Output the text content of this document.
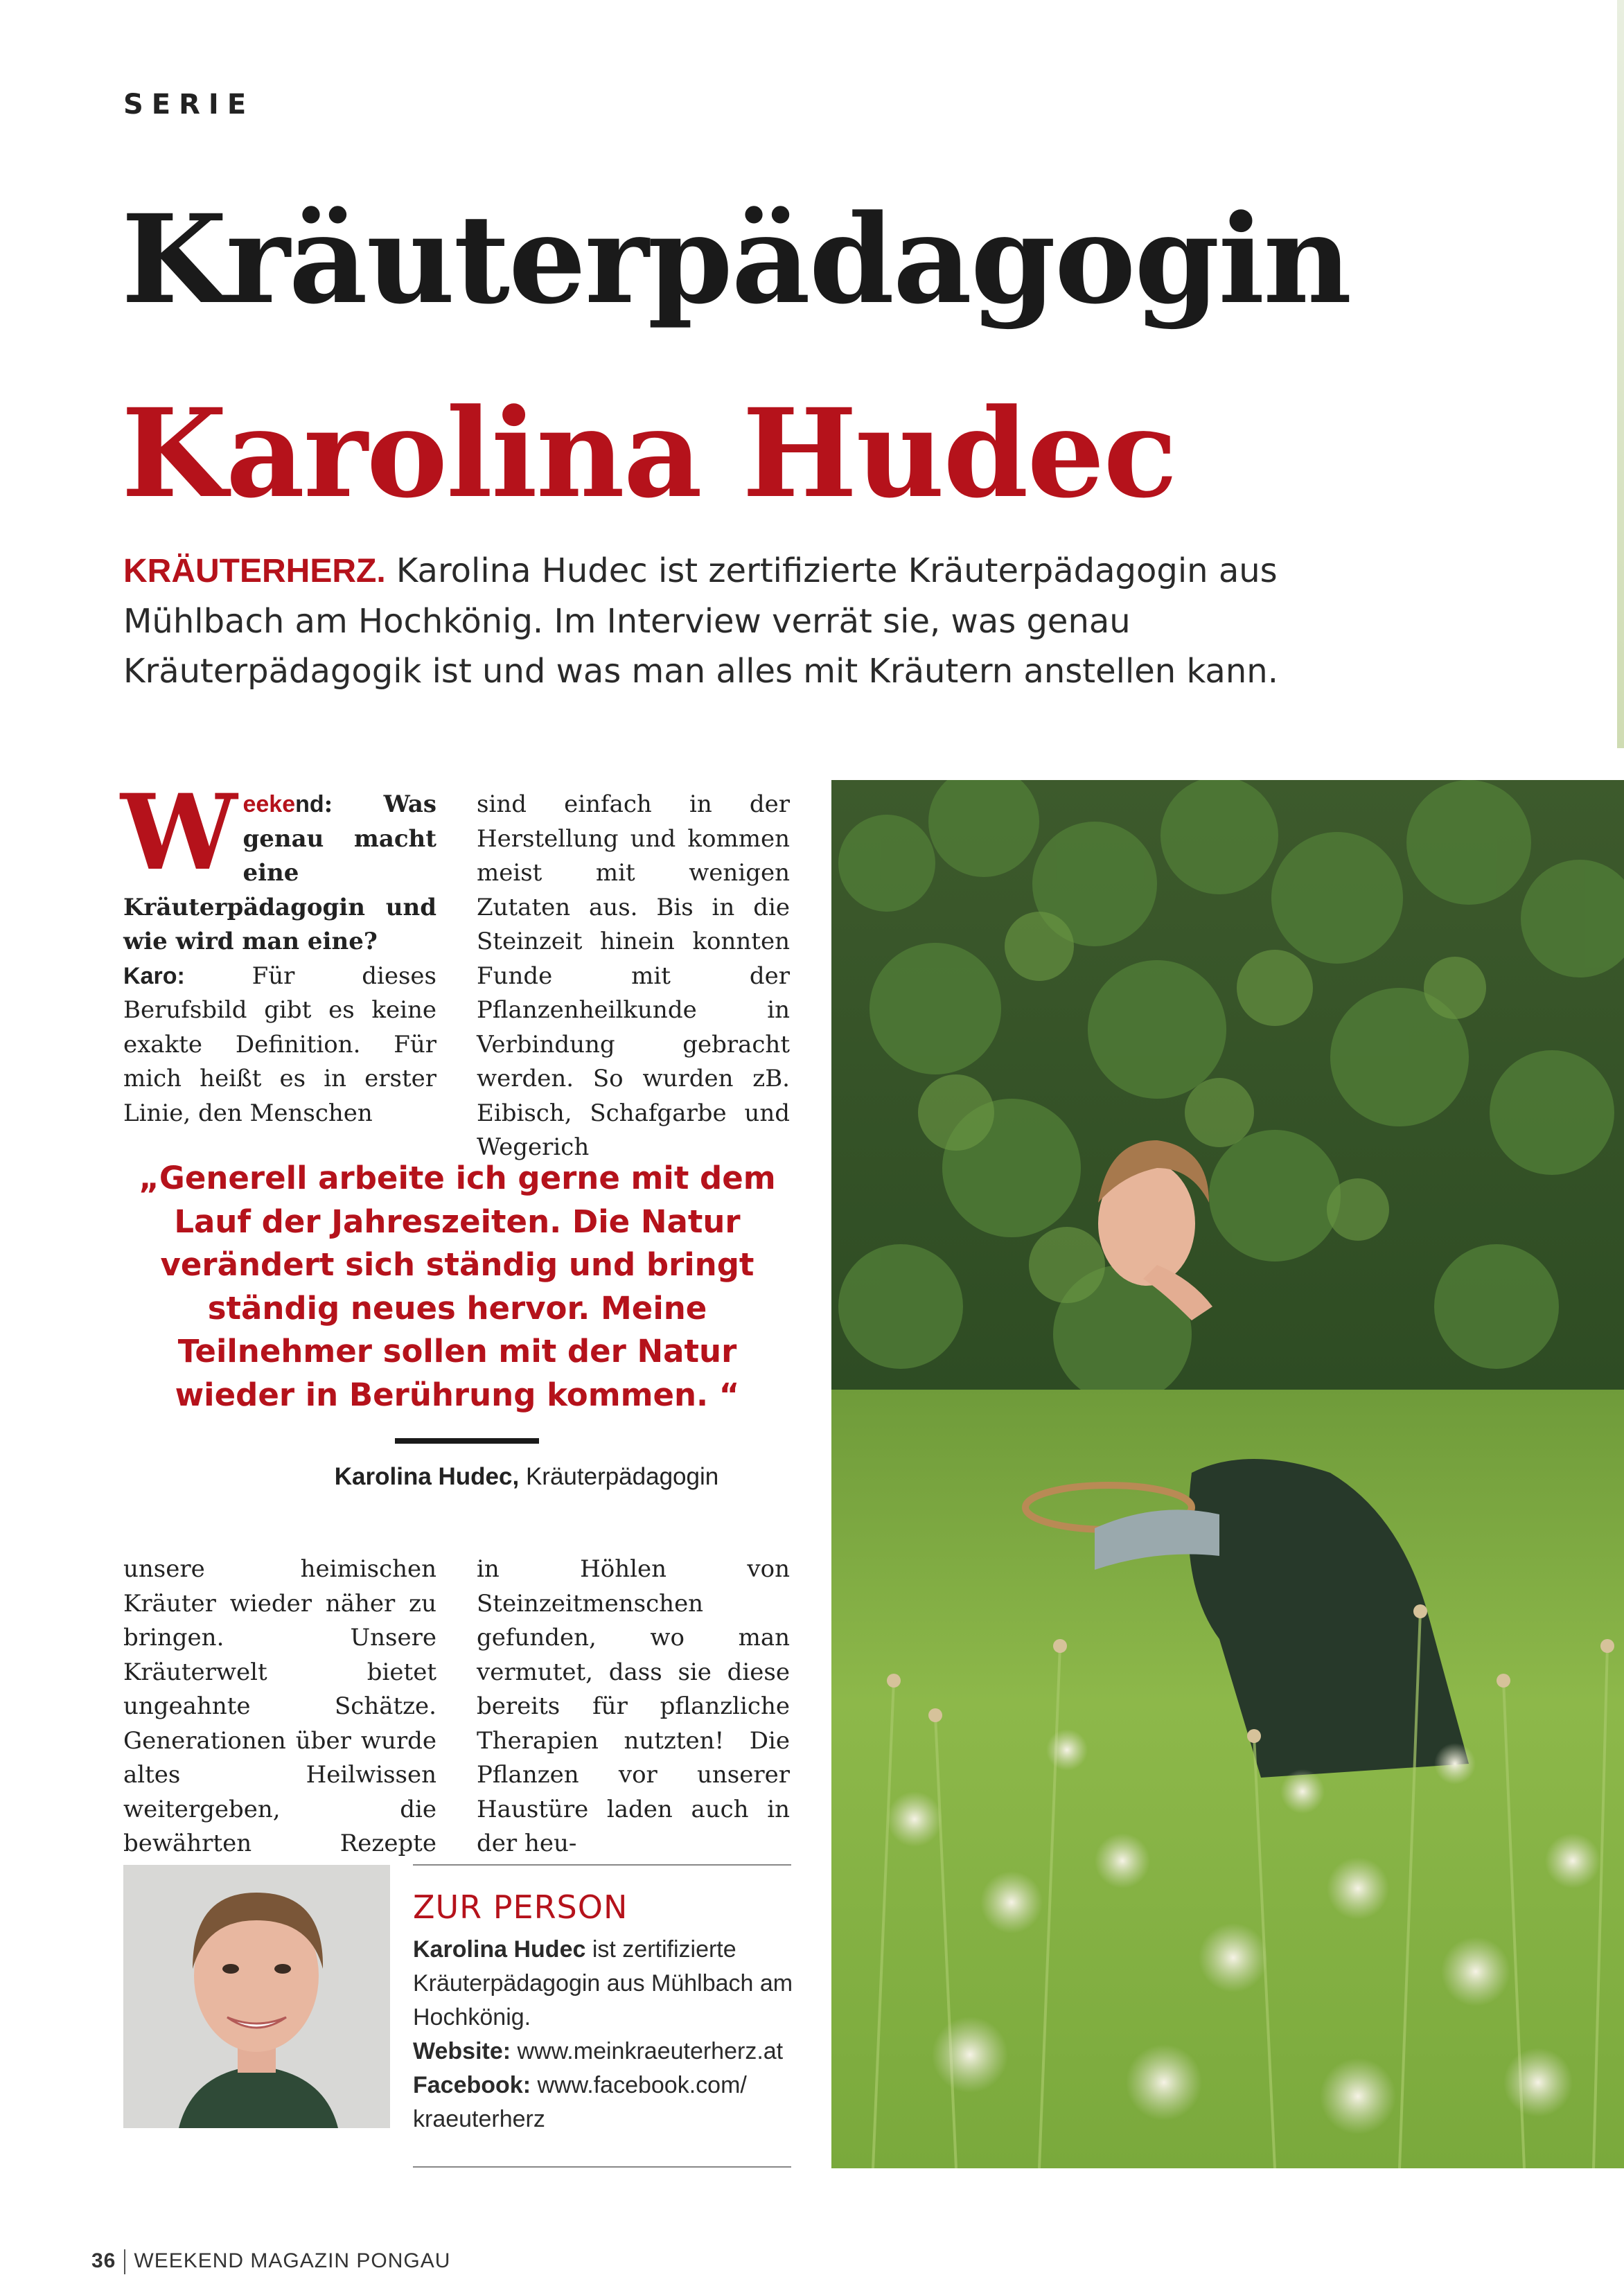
SERIE
Kräuterpädagogin
Karolina Hudec
KRÄUTERHERZ. Karolina Hudec ist zertifizierte Kräuterpädagogin aus Mühlbach am Hochkönig. Im Interview verrät sie, was genau Kräuterpädagogik ist und was man alles mit Kräutern anstellen kann.
Weekend: Was genau macht eine Kräuterpädagogin und wie wird man eine?
Karo: Für dieses Berufsbild gibt es keine exakte Definition. Für mich heißt es in erster Linie, den Menschen
sind einfach in der Herstellung und kommen meist mit wenigen Zutaten aus. Bis in die Steinzeit hinein konnten Funde mit der Pflanzenheilkunde in Verbindung gebracht werden. So wurden zB. Eibisch, Schafgarbe und Wegerich
„Generell arbeite ich gerne mit dem Lauf der Jahreszeiten. Die Natur verändert sich ständig und bringt ständig neues hervor. Meine Teilnehmer sollen mit der Natur wieder in Berührung kommen. “
Karolina Hudec, Kräuterpädagogin
unsere heimischen Kräuter wieder näher zu bringen. Unsere Kräuterwelt bietet ungeahnte Schätze. Generationen über wurde altes Heilwissen weitergeben, die bewährten Rezepte
in Höhlen von Steinzeitmenschen gefunden, wo man vermutet, dass sie diese bereits für pflanzliche Therapien nutzten! Die Pflanzen vor unserer Haustüre laden auch in der heu-
ZUR PERSON
Karolina Hudec ist zertifizierte Kräuterpädagogin aus Mühlbach am Hochkönig.
Website: www.meinkraeuterherz.at
Facebook: www.facebook.com/ kraeuterherz
36 WEEKEND MAGAZIN PONGAU
